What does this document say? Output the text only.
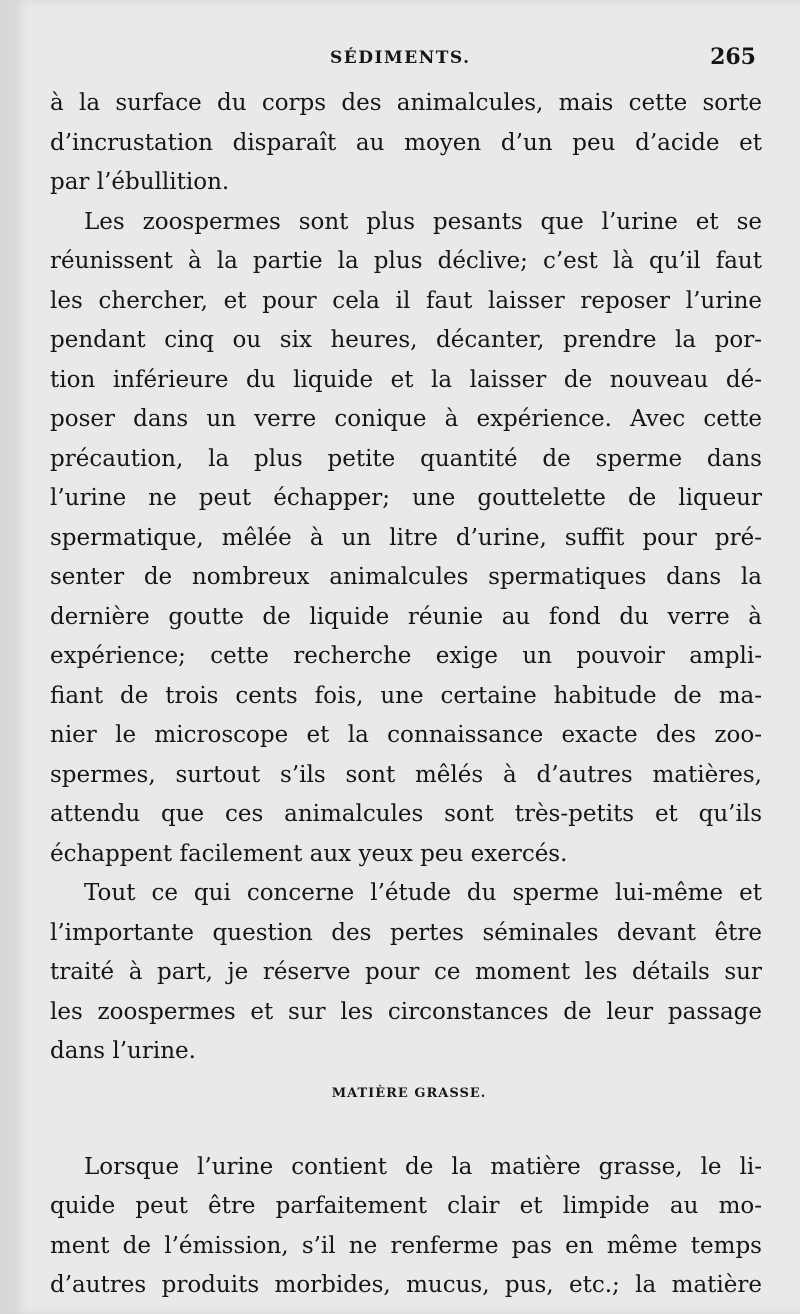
SÉDIMENTS.	265
à la surface du corps des animalcules, mais cette sorte
d’incrustation disparaît au moyen d’un peu d’acide et
par l’ébullition.
Les zoospermes sont plus pesants que l’urine et se
réunissent à la partie la plus déclive; c’est là qu’il faut
les chercher, et pour cela il faut laisser reposer l’urine
pendant cinq ou six heures, décanter, prendre la por-
tion inférieure du liquide et la laisser de nouveau dé-
poser dans un verre conique à expérience. Avec cette
précaution, la plus petite quantité de sperme dans
l’urine ne peut échapper; une gouttelette de liqueur
spermatique, mêlée à un litre d’urine, suffit pour pré-
senter de nombreux animalcules spermatiques dans la
dernière goutte de liquide réunie au fond du verre à
expérience; cette recherche exige un pouvoir ampli-
fiant de trois cents fois, une certaine habitude de ma-
nier le microscope et la connaissance exacte des zoo-
spermes, surtout s’ils sont mêlés à d’autres matières,
attendu que ces animalcules sont très-petits et qu’ils
échappent facilement aux yeux peu exercés.
Tout ce qui concerne l’étude du sperme lui-même et
l’importante question des pertes séminales devant être
traité à part, je réserve pour ce moment les détails sur
les zoospermes et sur les circonstances de leur passage
dans l’urine.
MATIÈRE GRASSE.
Lorsque l’urine contient de la matière grasse, le li-
quide peut être parfaitement clair et limpide au mo-
ment de l’émission, s’il ne renferme pas en même temps
d’autres produits morbides, mucus, pus, etc.; la matière
